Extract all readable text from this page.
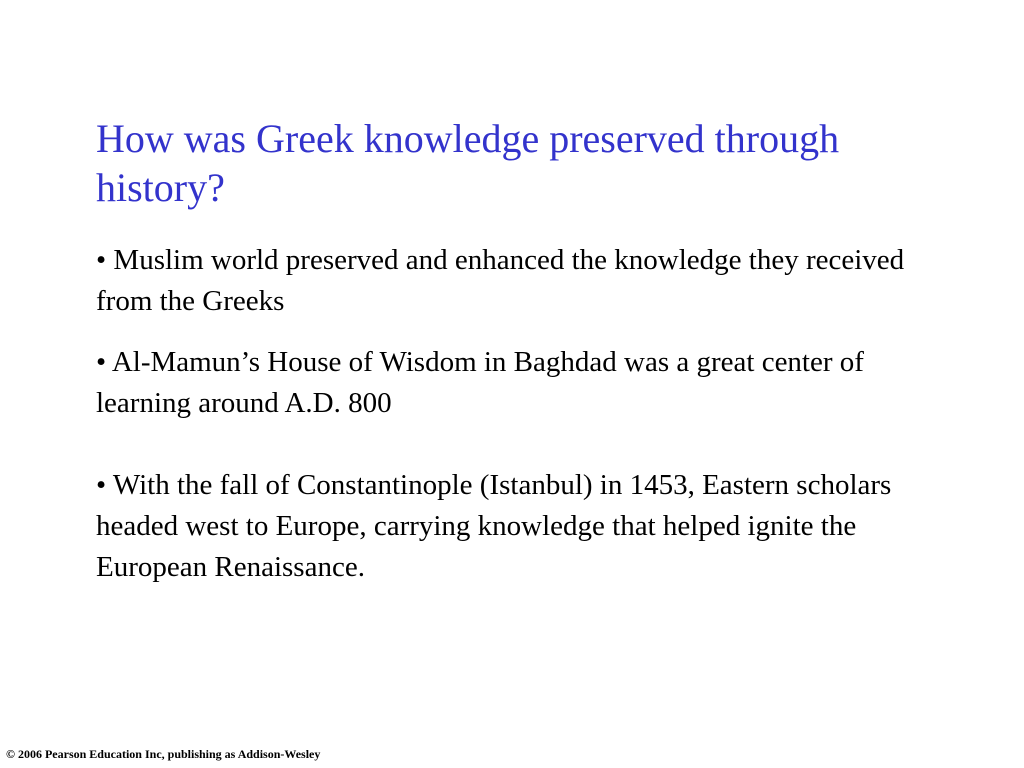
How was Greek knowledge preserved through history?

• Muslim world preserved and enhanced the knowledge they received from the Greeks

• Al-Mamun’s House of Wisdom in Baghdad was a great center of learning around A.D. 800

• With the fall of Constantinople (Istanbul) in 1453, Eastern scholars headed west to Europe, carrying knowledge that helped ignite the European Renaissance.

© 2006 Pearson Education Inc, publishing as Addison-Wesley
